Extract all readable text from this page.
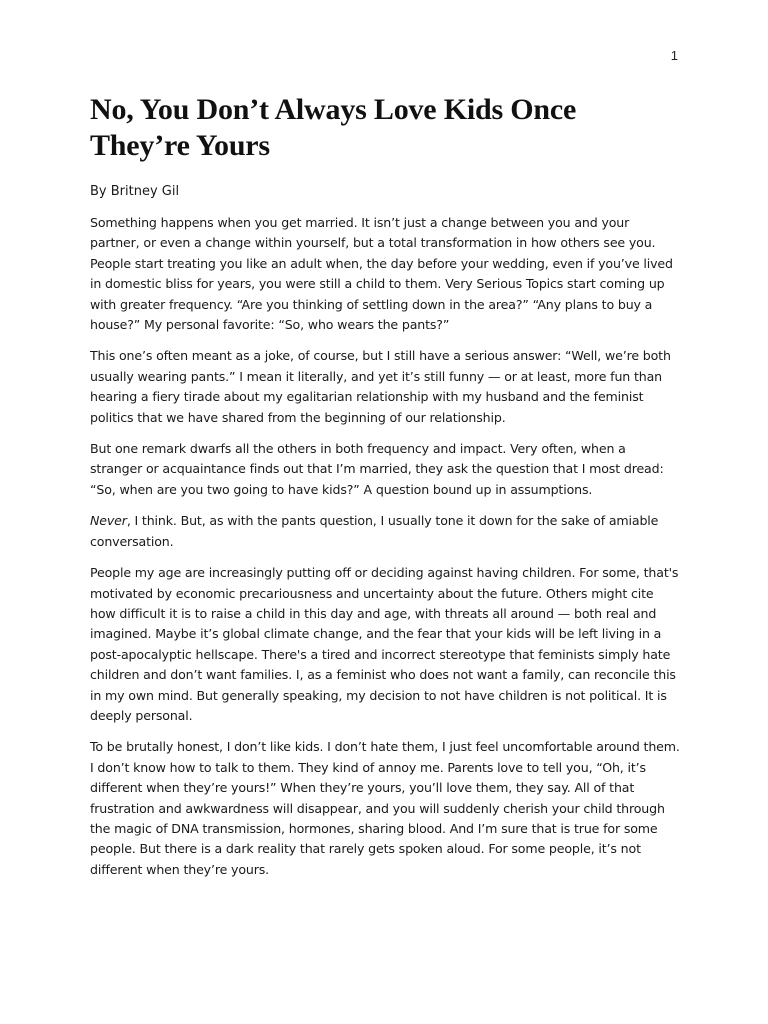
1
No, You Don’t Always Love Kids Once They’re Yours
By Britney Gil

Something happens when you get married. It isn’t just a change between you and your partner, or even a change within yourself, but a total transformation in how others see you. People start treating you like an adult when, the day before your wedding, even if you’ve lived in domestic bliss for years, you were still a child to them. Very Serious Topics start coming up with greater frequency. “Are you thinking of settling down in the area?” “Any plans to buy a house?” My personal favorite: “So, who wears the pants?”

This one’s often meant as a joke, of course, but I still have a serious answer: “Well, we’re both usually wearing pants.” I mean it literally, and yet it’s still funny — or at least, more fun than hearing a fiery tirade about my egalitarian relationship with my husband and the feminist politics that we have shared from the beginning of our relationship.

But one remark dwarfs all the others in both frequency and impact. Very often, when a stranger or acquaintance finds out that I’m married, they ask the question that I most dread: “So, when are you two going to have kids?” A question bound up in assumptions.

Never, I think. But, as with the pants question, I usually tone it down for the sake of amiable conversation.

People my age are increasingly putting off or deciding against having children. For some, that's motivated by economic precariousness and uncertainty about the future. Others might cite how difficult it is to raise a child in this day and age, with threats all around — both real and imagined. Maybe it’s global climate change, and the fear that your kids will be left living in a post-apocalyptic hellscape. There's a tired and incorrect stereotype that feminists simply hate children and don’t want families. I, as a feminist who does not want a family, can reconcile this in my own mind. But generally speaking, my decision to not have children is not political. It is deeply personal.

To be brutally honest, I don’t like kids. I don’t hate them, I just feel uncomfortable around them. I don’t know how to talk to them. They kind of annoy me. Parents love to tell you, “Oh, it’s different when they’re yours!” When they’re yours, you’ll love them, they say. All of that frustration and awkwardness will disappear, and you will suddenly cherish your child through the magic of DNA transmission, hormones, sharing blood. And I’m sure that is true for some people. But there is a dark reality that rarely gets spoken aloud. For some people, it’s not different when they’re yours.
